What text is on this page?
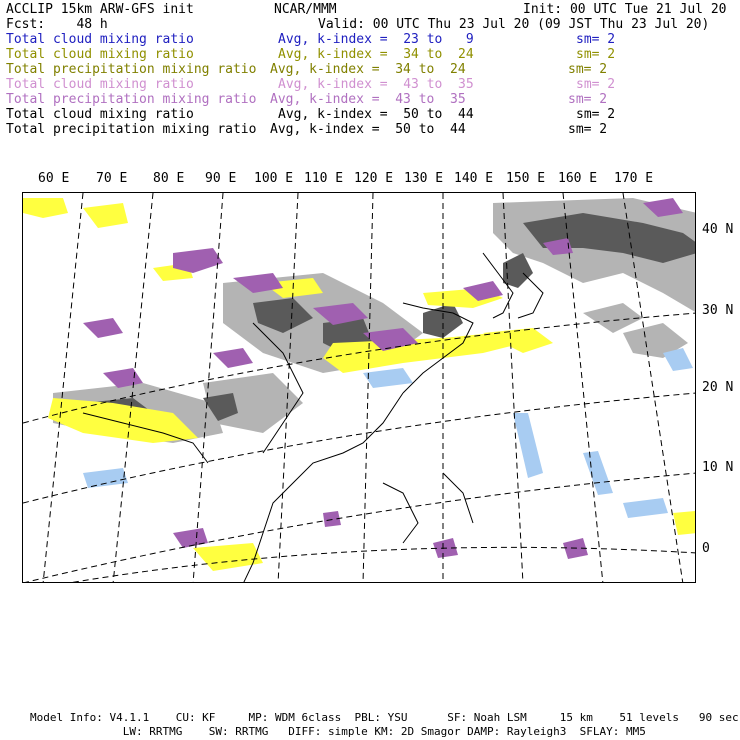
ACCLIP 15km ARW-GFS init	NCAR/MMM	Init: 00 UTC Tue 21 Jul 20
Fcst:    48 h	Valid: 00 UTC Thu 23 Jul 20 (09 JST Thu 23 Jul 20)
Total cloud mixing ratio	Avg, k-index =  23 to   9	sm= 2
Total cloud mixing ratio	Avg, k-index =  34 to  24	sm= 2
Total precipitation mixing ratio Avg, k-index =  34 to  24	sm= 2
Total cloud mixing ratio	Avg, k-index =  43 to  35	sm= 2
Total precipitation mixing ratio Avg, k-index =  43 to  35	sm= 2
Total cloud mixing ratio	Avg, k-index =  50 to  44	sm= 2
Total precipitation mixing ratio Avg, k-index =  50 to  44	sm= 2
60 E 70 E 80 E 90 E 100 E 110 E 120 E 130 E 140 E 150 E 160 E 170 E
40 N
30 N
20 N
10 N
0
Model Info: V4.1.1    CU: KF     MP: WDM 6class  PBL: YSU      SF: Noah LSM     15 km    51 levels   90 sec
LW: RRTMG    SW: RRTMG   DIFF: simple KM: 2D Smagor DAMP: Rayleigh3  SFLAY: MM5
